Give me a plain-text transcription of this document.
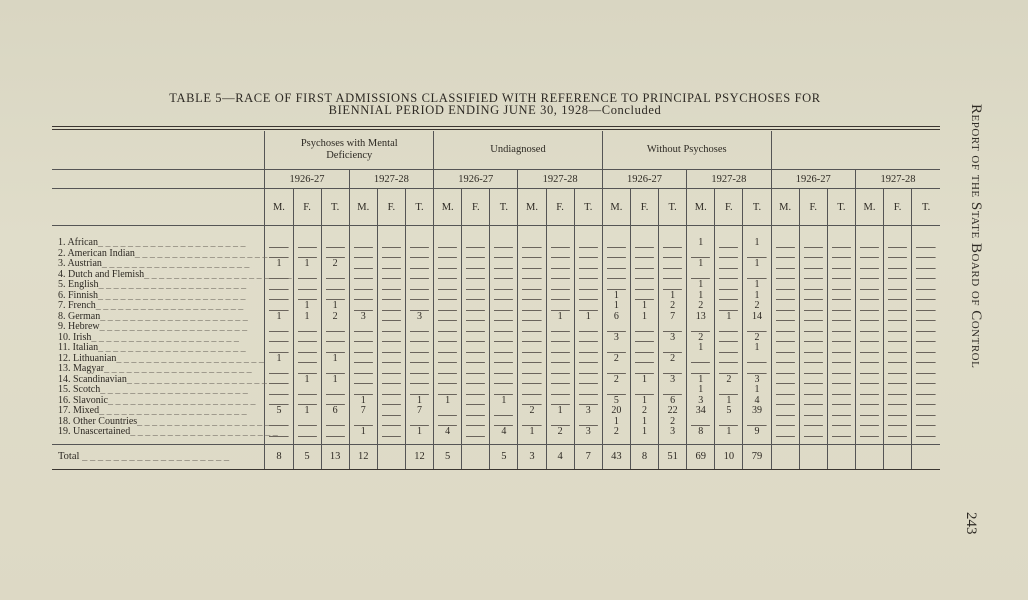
TABLE 5—RACE OF FIRST ADMISSIONS CLASSIFIED WITH REFERENCE TO PRINCIPAL PSYCHOSES FOR
BIENNIAL PERIOD ENDING JUNE 30, 1928—Concluded
	Psychoses with Mental Deficiency						Undiagnosed						Without Psychoses											
	1926-27			1927-28			1926-27			1927-28			1926-27			1927-28			1926-27			1927-28		
	M.	F.	T.	M.	F.	T.	M.	F.	T.	M.	F.	T.	M.	F.	T.	M.	F.	T.	M.	F.	T.	M.	F.	T.

1. African_ _ _ _ _ _ _ _ _ _ _ _ _ _ _ _ _ _ _ _																1		1						
2. American Indian_ _ _ _ _ _ _ _ _ _ _ _ _ _ _ _ _ _ _ _																								
3. Austrian_ _ _ _ _ _ _ _ _ _ _ _ _ _ _ _ _ _ _ _	1	1	2													1		1						
4. Dutch and Flemish_ _ _ _ _ _ _ _ _ _ _ _ _ _ _ _ _ _ _ _																								
5. English_ _ _ _ _ _ _ _ _ _ _ _ _ _ _ _ _ _ _ _																1		1						
6. Finnish_ _ _ _ _ _ _ _ _ _ _ _ _ _ _ _ _ _ _ _													1		1	1		1						
7. French_ _ _ _ _ _ _ _ _ _ _ _ _ _ _ _ _ _ _ _		1	1										1	1	2	2		2						
8. German_ _ _ _ _ _ _ _ _ _ _ _ _ _ _ _ _ _ _ _	1	1	2	3		3					1	1	6	1	7	13	1	14						
9. Hebrew_ _ _ _ _ _ _ _ _ _ _ _ _ _ _ _ _ _ _ _																								
10. Irish_ _ _ _ _ _ _ _ _ _ _ _ _ _ _ _ _ _ _ _													3		3	2		2						
11. Italian_ _ _ _ _ _ _ _ _ _ _ _ _ _ _ _ _ _ _ _																1		1						
12. Lithuanian_ _ _ _ _ _ _ _ _ _ _ _ _ _ _ _ _ _ _ _	1		1										2		2									
13. Magyar_ _ _ _ _ _ _ _ _ _ _ _ _ _ _ _ _ _ _ _																								
14. Scandinavian_ _ _ _ _ _ _ _ _ _ _ _ _ _ _ _ _ _ _ _		1	1										2	1	3	1	2	3						
15. Scotch_ _ _ _ _ _ _ _ _ _ _ _ _ _ _ _ _ _ _ _																1		1						
16. Slavonic_ _ _ _ _ _ _ _ _ _ _ _ _ _ _ _ _ _ _ _				1		1	1		1				5	1	6	3	1	4						
17. Mixed_ _ _ _ _ _ _ _ _ _ _ _ _ _ _ _ _ _ _ _	5	1	6	7		7				2	1	3	20	2	22	34	5	39						
18. Other Countries_ _ _ _ _ _ _ _ _ _ _ _ _ _ _ _ _ _ _ _													1	1	2									
19. Unascertained_ _ _ _ _ _ _ _ _ _ _ _ _ _ _ _ _ _ _ _				1		1	4		4	1	2	3	2	1	3	8	1	9						

Total _ _ _ _ _ _ _ _ _ _ _ _ _ _ _ _ _ _ _	8	5	13	12		12	5		5	3	4	7	43	8	51	69	10	79						
Report of the State Board of Control
243
